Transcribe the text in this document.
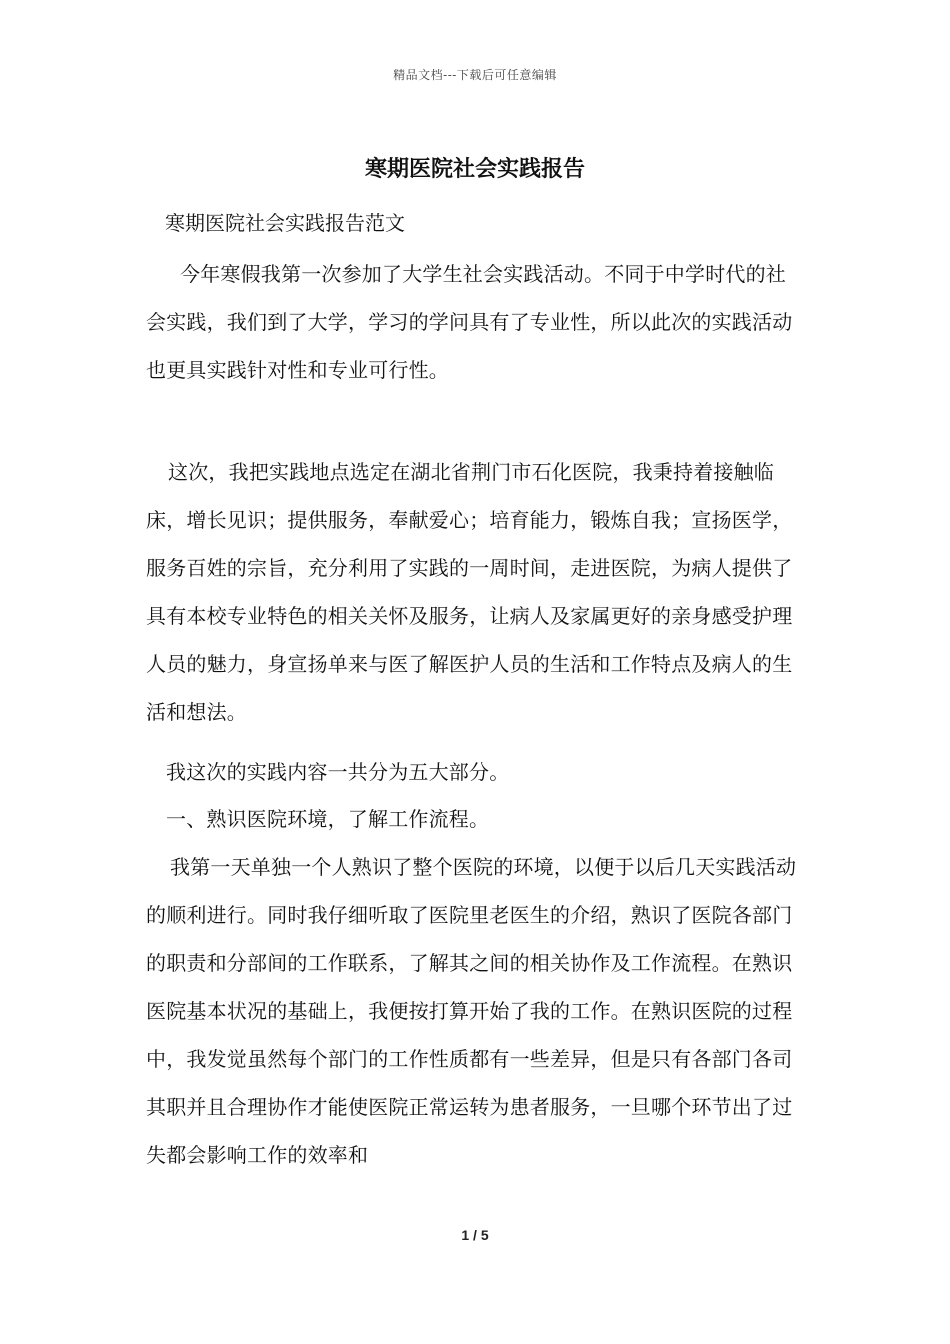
精品文档---下载后可任意编辑
寒期医院社会实践报告
寒期医院社会实践报告范文
今年寒假我第一次参加了大学生社会实践活动。不同于中学时代的社会实践，我们到了大学，学习的学问具有了专业性，所以此次的实践活动也更具实践针对性和专业可行性。
这次，我把实践地点选定在湖北省荆门市石化医院，我秉持着接触临床，增长见识；提供服务，奉献爱心；培育能力，锻炼自我；宣扬医学，服务百姓的宗旨，充分利用了实践的一周时间，走进医院，为病人提供了具有本校专业特色的相关关怀及服务，让病人及家属更好的亲身感受护理人员的魅力，身宣扬单来与医了解医护人员的生活和工作特点及病人的生活和想法。
我这次的实践内容一共分为五大部分。
一、熟识医院环境，了解工作流程。
我第一天单独一个人熟识了整个医院的环境，以便于以后几天实践活动的顺利进行。同时我仔细听取了医院里老医生的介绍，熟识了医院各部门的职责和分部间的工作联系，了解其之间的相关协作及工作流程。在熟识医院基本状况的基础上，我便按打算开始了我的工作。在熟识医院的过程中，我发觉虽然每个部门的工作性质都有一些差异，但是只有各部门各司其职并且合理协作才能使医院正常运转为患者服务，一旦哪个环节出了过失都会影响工作的效率和
1 / 5
